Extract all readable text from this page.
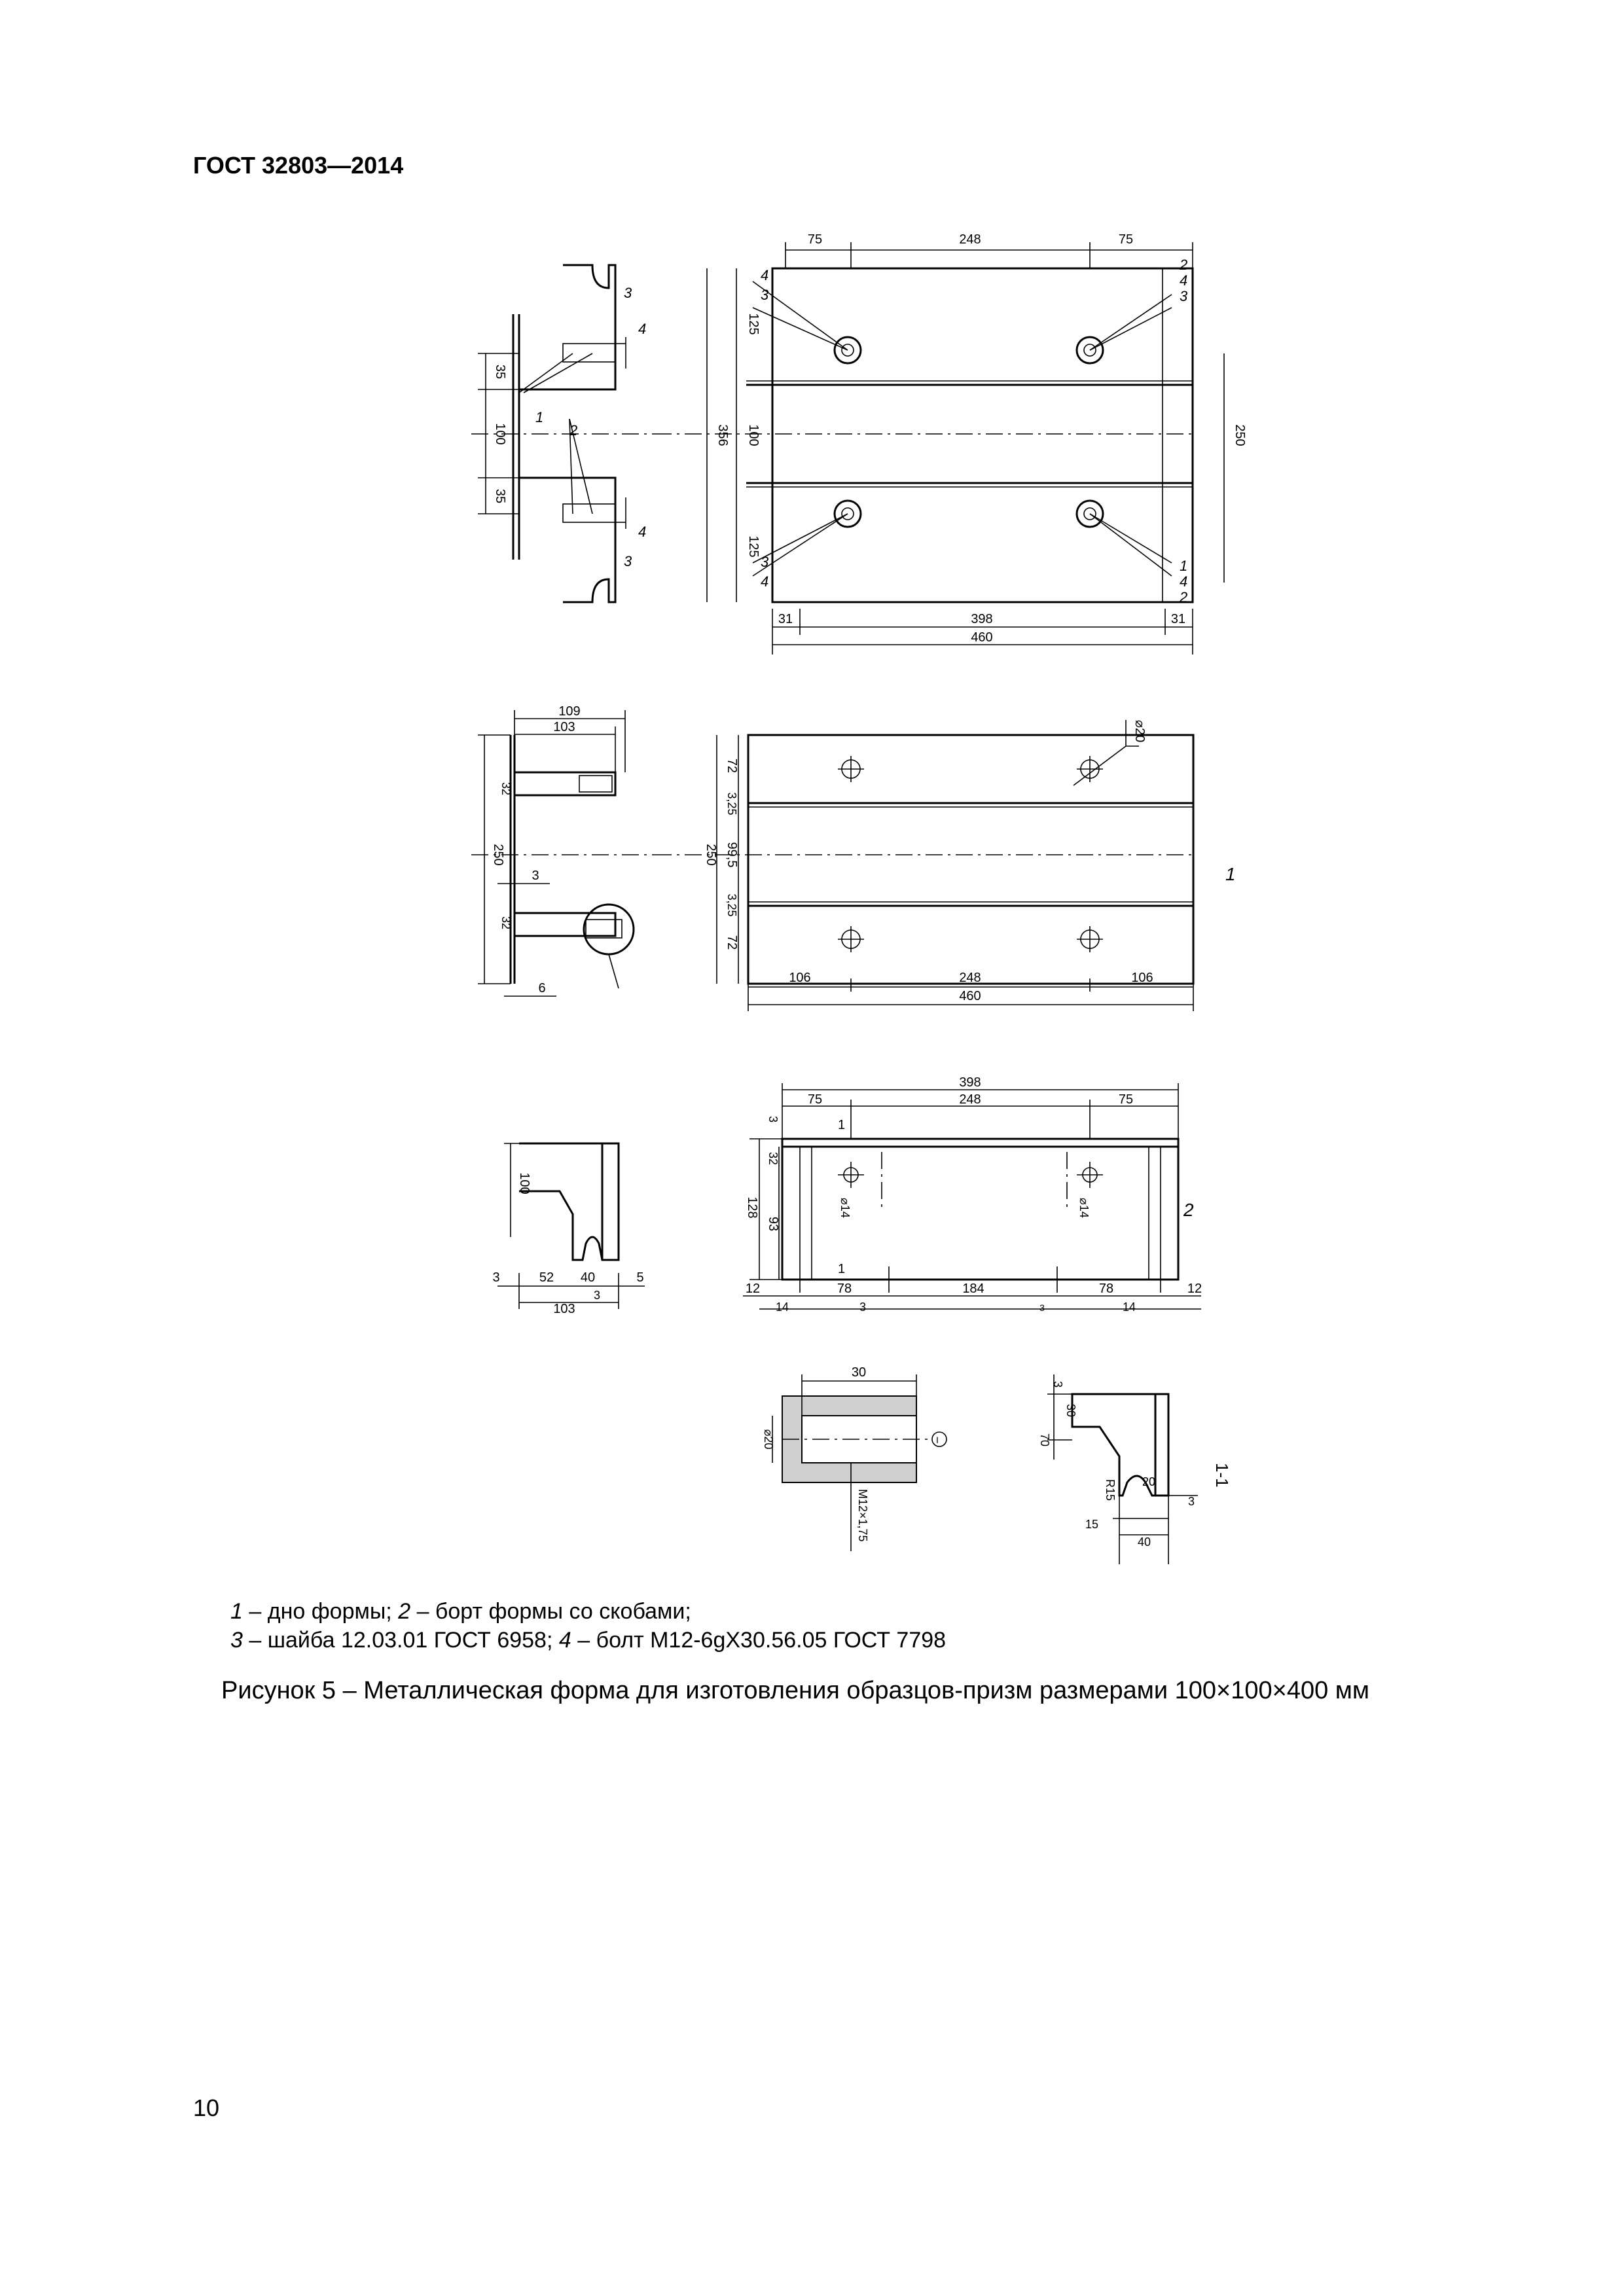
ГОСТ 32803—2014
75	248	75
125
100
125
356	250
31	398	31
460
4
3
2
4
3
3
4
1
4
2
35
100
35
3
4
1
2
4
3
72
3,25
99,5
3,25
72
250
⌀20
106	248	106
460
1
109
103
32
250
3
32
6
75
398
248	75
3
32
128
93
⌀14	⌀14
1
1
12	78	184	78	12
14	3	3	14
2
100
3	52 40	5
3
103
30
⌀20
M12×1,75
I
3
30
70
R15 20
3
15
40
1-1
1 – дно формы; 2 – борт формы со скобами;
3 – шайба 12.03.01 ГОСТ 6958; 4 – болт М12-6gX30.56.05 ГОСТ 7798
Рисунок 5 – Металлическая форма для изготовления образцов-призм размерами 100×100×400 мм
10
